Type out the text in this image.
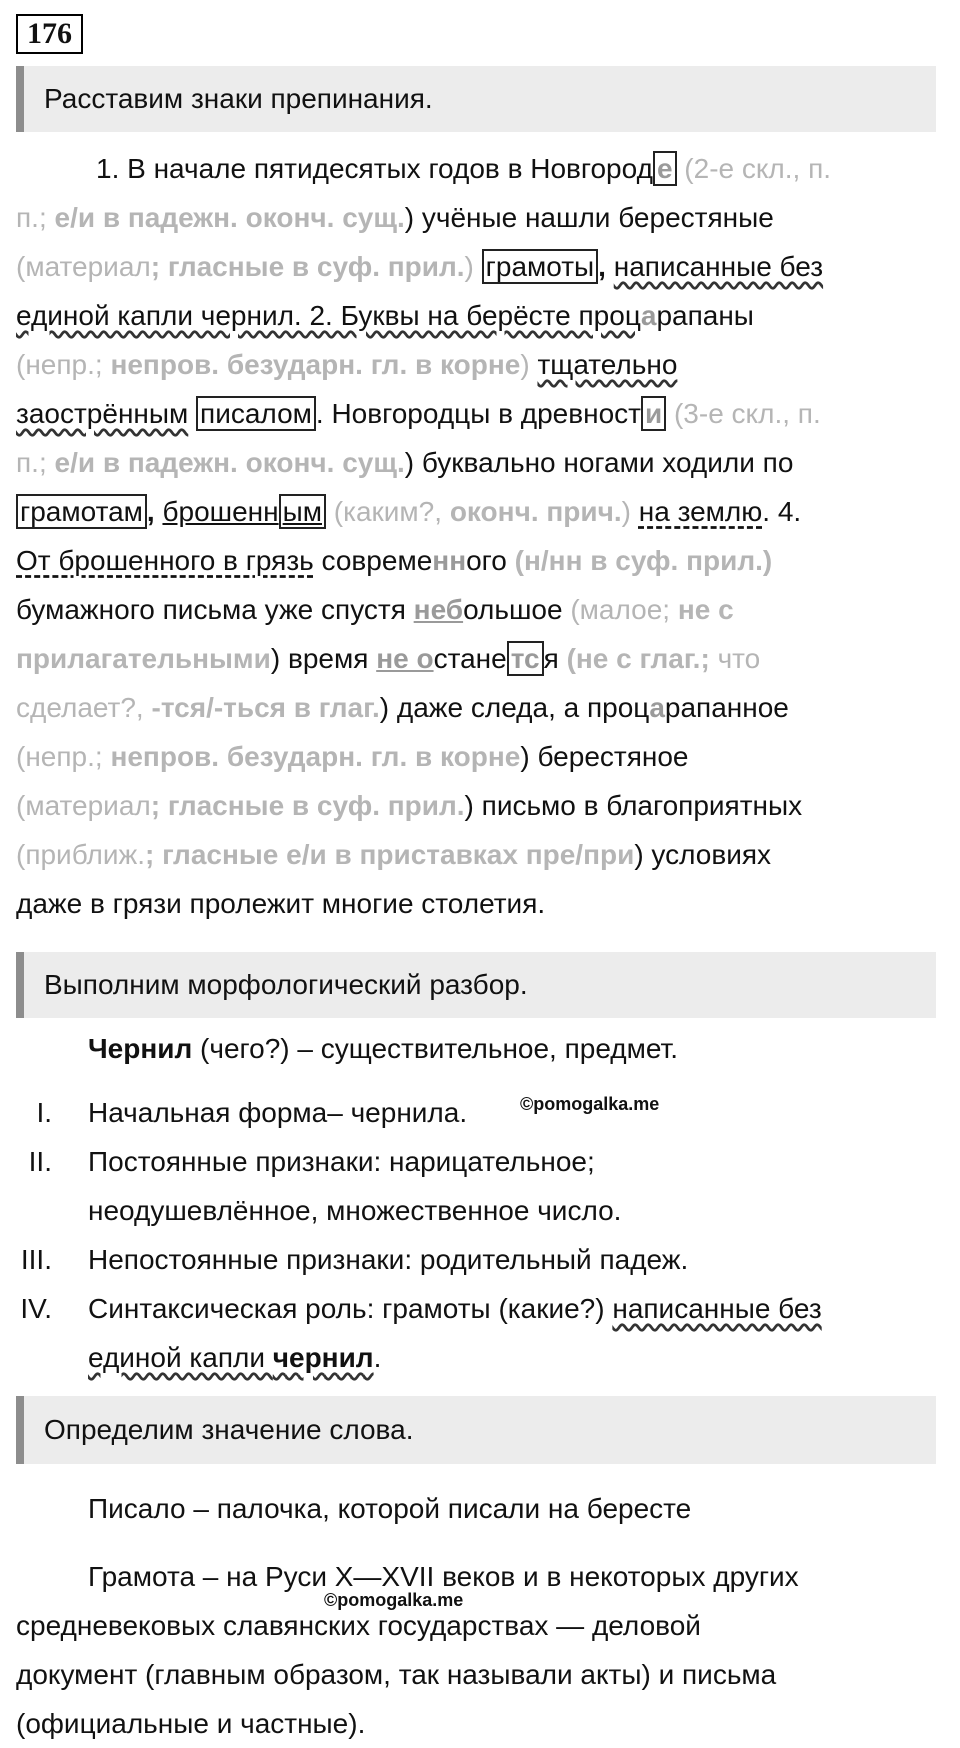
176
Расставим знаки препинания.
1. В начале пятидесятых годов в Новгород е (2-е скл., п.
п.; е/и в падежн. оконч. сущ.) учёные нашли берестяные
(материал; гласные в суф. прил.) грамоты , написанные без
единой капли чернил. 2. Буквы на берёсте процарапаны
(непр.; непров. безударн. гл. в корне) тщательно
заострённым писалом . Новгородцы в древност и (3-е скл., п.
п.; е/и в падежн. оконч. сущ.) буквально ногами ходили по
грамотам , брошенн ым (каким?, оконч. прич.) на землю. 4.
От брошенного в грязь современного (н/нн в суф. прил.)
бумажного письма уже спустя небольшое (малое; не с
прилагательными) время не остане тс я (не с глаг.; что
сделает?, -тся/-ться в глаг.) даже следа, а процарапанное
(непр.; непров. безударн. гл. в корне) берестяное
(материал; гласные в суф. прил.) письмо в благоприятных
(приближ.; гласные е/и в приставках пре/при) условиях
даже в грязи пролежит многие столетия.
Выполним морфологический разбор.
Чернил (чего?) – существительное, предмет.
I. Начальная форма– чернила.	©pomogalka.me
II. Постоянные признаки: нарицательное;
неодушевлённое, множественное число.
III. Непостоянные признаки: родительный падеж.
IV. Синтаксическая роль: грамоты (какие?) написанные без
единой капли чернил.
Определим значение слова.
Писало – палочка, которой писали на бересте
Грамота – на Руси X—XVII веков и в некоторых других
©pomogalka.me
средневековых славянских государствах — деловой
документ (главным образом, так называли акты) и письма
(официальные и частные).
